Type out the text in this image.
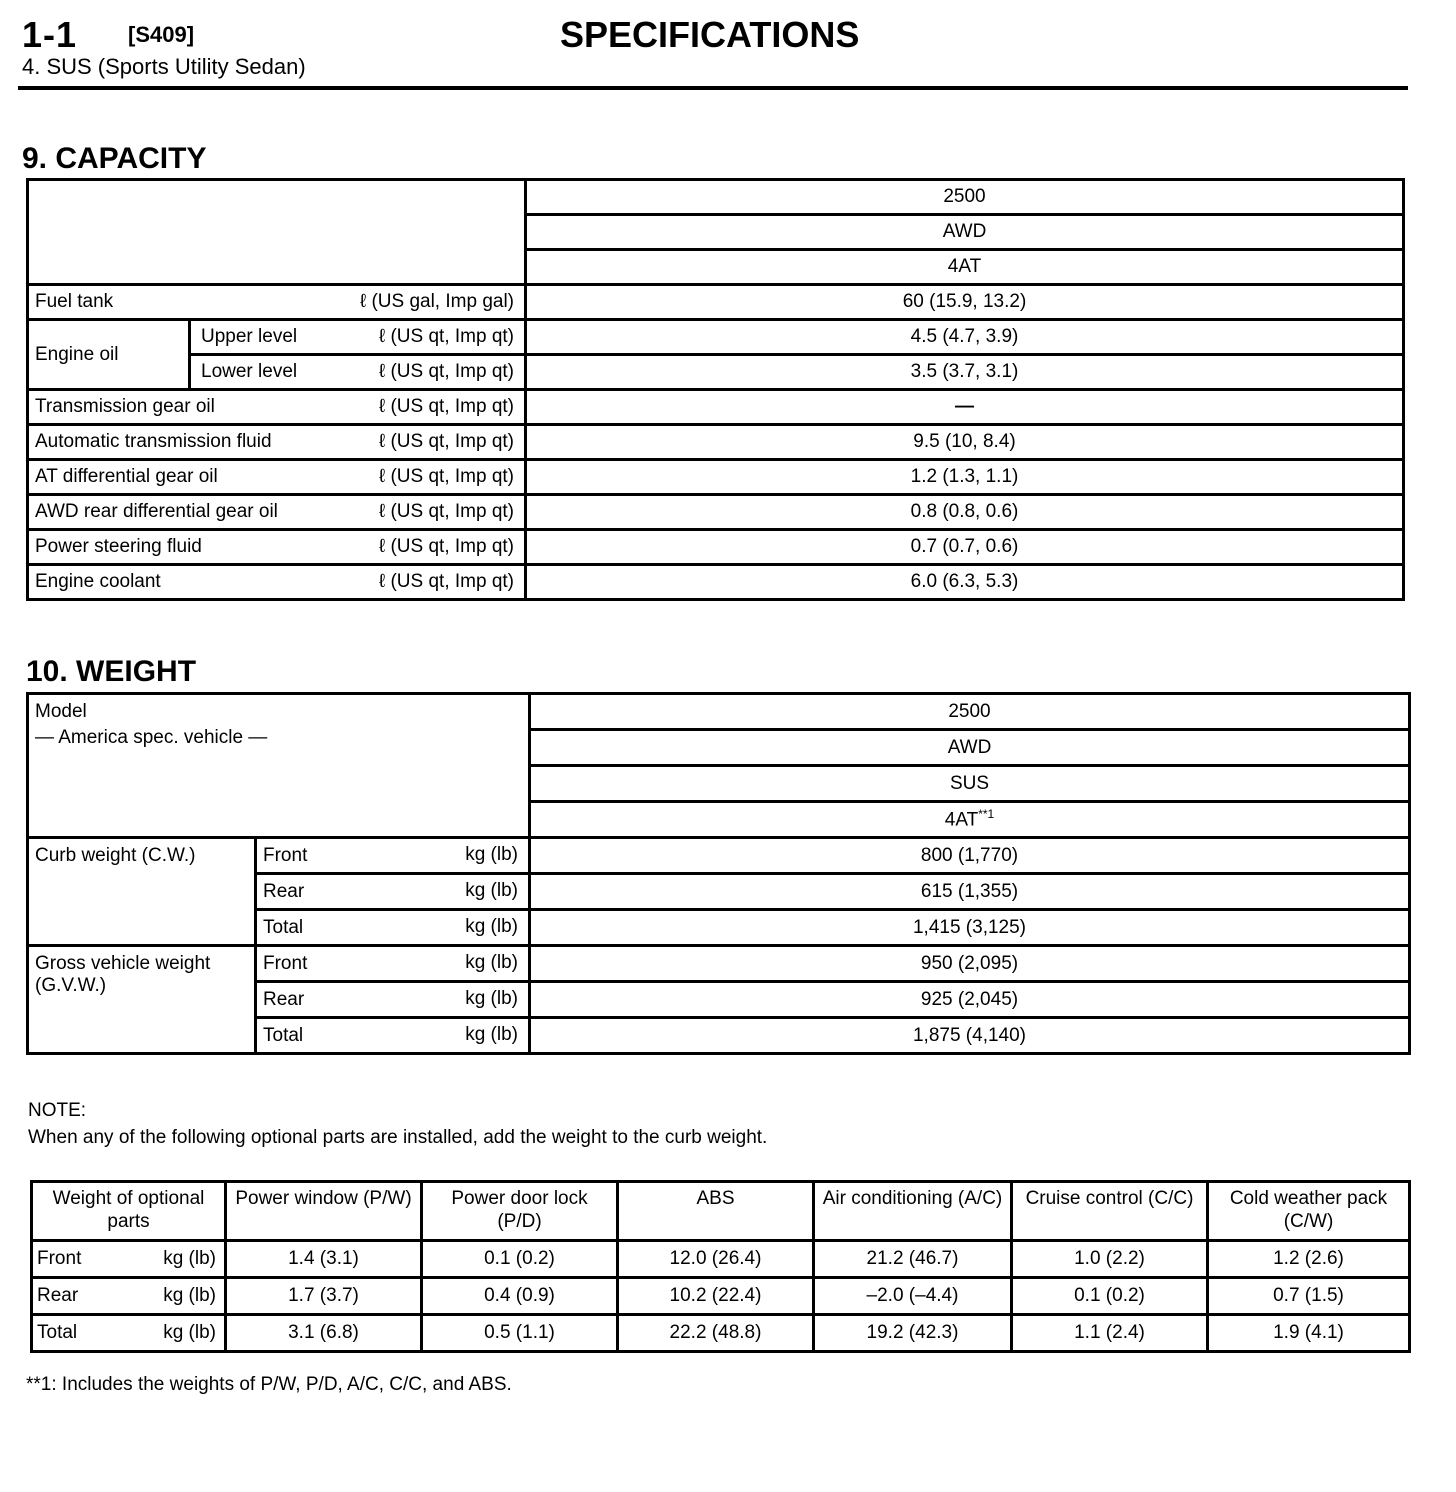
1-1 [S409]	SPECIFICATIONS
4. SUS (Sports Utility Sedan)
9. CAPACITY
		2500
		AWD
		4AT
Fuel tank ℓ (US gal, Imp gal)		60 (15.9, 13.2)
Engine oil	Upper level ℓ (US qt, Imp qt)	4.5 (4.7, 3.9)
	Lower level ℓ (US qt, Imp qt)	3.5 (3.7, 3.1)
Transmission gear oil ℓ (US qt, Imp qt)		—
Automatic transmission fluid ℓ (US qt, Imp qt)		9.5 (10, 8.4)
AT differential gear oil ℓ (US qt, Imp qt)		1.2 (1.3, 1.1)
AWD rear differential gear oil ℓ (US qt, Imp qt)		0.8 (0.8, 0.6)
Power steering fluid ℓ (US qt, Imp qt)		0.7 (0.7, 0.6)
Engine coolant ℓ (US qt, Imp qt)		6.0 (6.3, 5.3)
10. WEIGHT
Model
— America spec. vehicle —		2500
		AWD
		SUS
		4AT$^{**1}$
Curb weight (C.W.)	Front kg (lb)	800 (1,770)
	Rear kg (lb)	615 (1,355)
	Total kg (lb)	1,415 (3,125)
Gross vehicle weight (G.V.W.)	Front kg (lb)	950 (2,095)
	Rear kg (lb)	925 (2,045)
	Total kg (lb)	1,875 (4,140)
NOTE:
When any of the following optional parts are installed, add the weight to the curb weight.
Weight of optional parts	Power window (P/W)	Power door lock (P/D)	ABS	Air conditioning (A/C)	Cruise control (C/C)	Cold weather pack (C/W)
Front kg (lb)	1.4 (3.1)	0.1 (0.2)	12.0 (26.4)	21.2 (46.7)	1.0 (2.2)	1.2 (2.6)
Rear kg (lb)	1.7 (3.7)	0.4 (0.9)	10.2 (22.4)	–2.0 (–4.4)	0.1 (0.2)	0.7 (1.5)
Total kg (lb)	3.1 (6.8)	0.5 (1.1)	22.2 (48.8)	19.2 (42.3)	1.1 (2.4)	1.9 (4.1)
**1: Includes the weights of P/W, P/D, A/C, C/C, and ABS.
